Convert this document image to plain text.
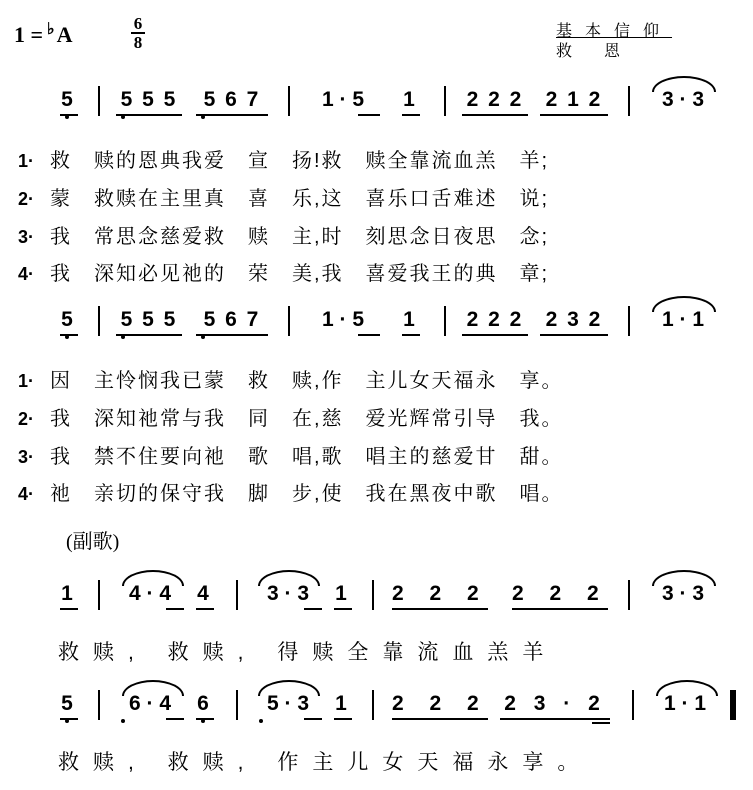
1 = ♭A	6
8
基本信仰
救　　恩
5 5 5 5	5 6 7	1 · 5	1 2 2 2 2 1 2	3 · 3
1· 救　赎的恩典我爱　宣　扬!救　赎全靠流血羔　羊;
2· 蒙　救赎在主里真　喜　乐,这　喜乐口舌难述　说;
3· 我　常思念慈爱救　赎　主,时　刻思念日夜思　念;
4· 我　深知必见祂的　荣　美,我　喜爱我王的典　章;
5 5 5 5	5 6 7	1 · 5	1 2 2 2 2 3 2	1 · 1
1· 因　主怜悯我已蒙　救　赎,作　主儿女天福永　享。
2· 我　深知祂常与我　同　在,慈　爱光辉常引导　我。
3· 我　禁不住要向祂　歌　唱,歌　唱主的慈爱甘　甜。
4· 祂　亲切的保守我　脚　步,使　我在黑夜中歌　唱。
(副歌)
1	4 · 4	4	3 · 3	1 2 2 2 2 2 2	3 · 3
救赎, 救赎, 得赎全靠流血羔羊
5	6 · 4	6	5 · 3	1 2 2 2 2 3 · 2	1 · 1
救赎, 救赎, 作主儿女天福永享。
